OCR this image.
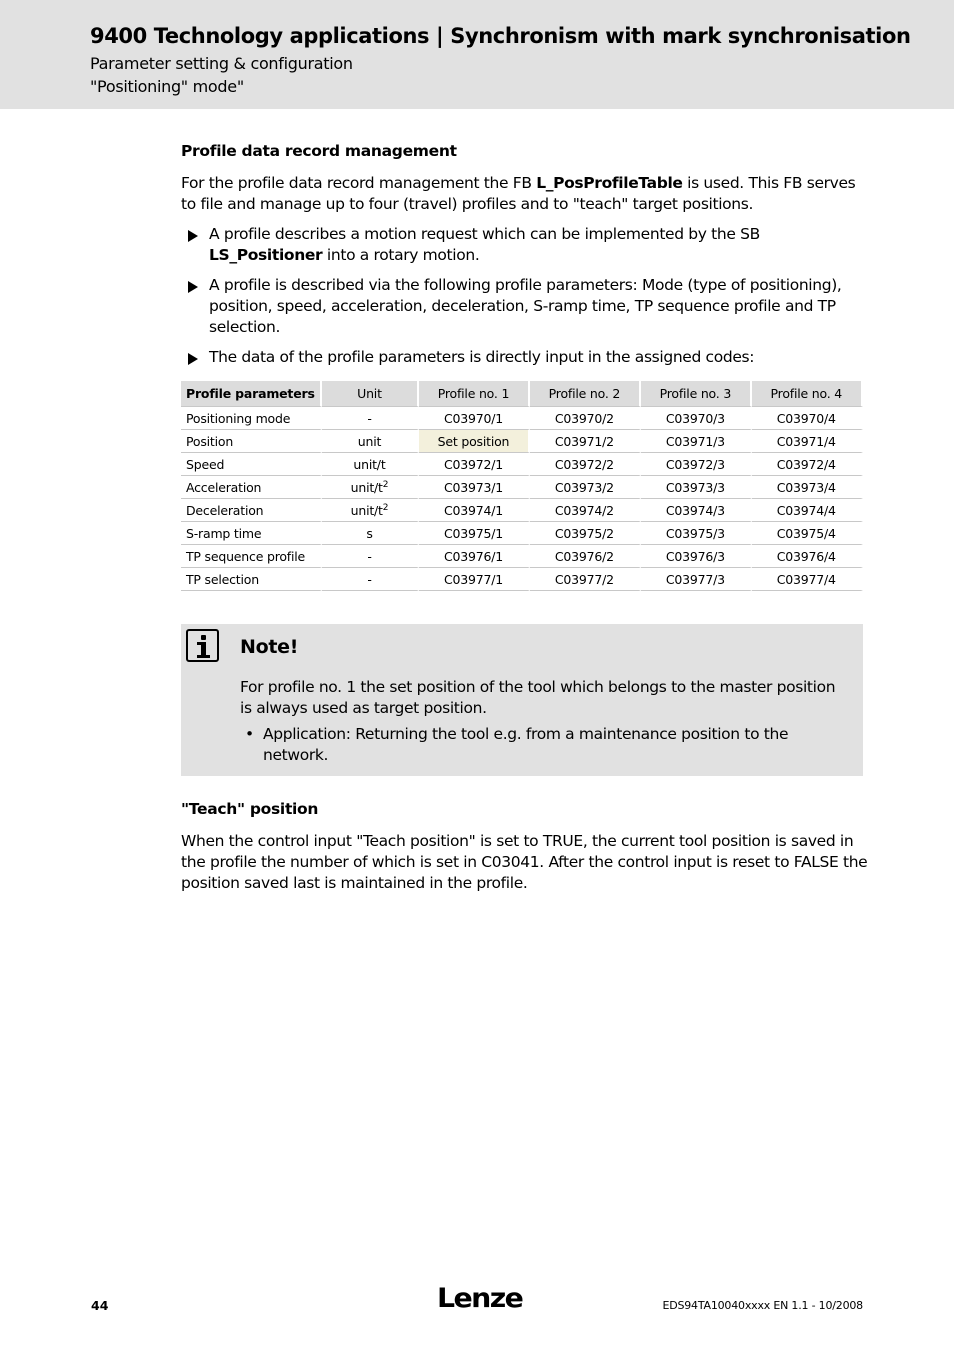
9400 Technology applications | Synchronism with mark synchronisation
Parameter setting & configuration
"Positioning" mode"
Profile data record management
For the profile data record management the FB L_PosProfileTable is used. This FB serves to file and manage up to four (travel) profiles and to "teach" target positions.
A profile describes a motion request which can be implemented by the SB LS_Positioner into a rotary motion.
A profile is described via the following profile parameters: Mode (type of positioning), position, speed, acceleration, deceleration, S-ramp time, TP sequence profile and TP selection.
The data of the profile parameters is directly input in the assigned codes:
Profile parameters	Unit	Profile no. 1	Profile no. 2	Profile no. 3	Profile no. 4
Positioning mode	-	C03970/1	C03970/2	C03970/3	C03970/4
Position	unit	Set position	C03971/2	C03971/3	C03971/4
Speed	unit/t	C03972/1	C03972/2	C03972/3	C03972/4
Acceleration	unit/$t^2$	C03973/1	C03973/2	C03973/3	C03973/4
Deceleration	unit/$t^2$	C03974/1	C03974/2	C03974/3	C03974/4
S-ramp time	s	C03975/1	C03975/2	C03975/3	C03975/4
TP sequence profile	-	C03976/1	C03976/2	C03976/3	C03976/4
TP selection	-	C03977/1	C03977/2	C03977/3	C03977/4
Note!
For profile no. 1 the set position of the tool which belongs to the master position is always used as target position.
• Application: Returning the tool e.g. from a maintenance position to the network.
"Teach" position
When the control input "Teach position" is set to TRUE, the current tool position is saved in the profile the number of which is set in C03041. After the control input is reset to FALSE the position saved last is maintained in the profile.
44	Lenze	EDS94TA10040xxxx EN 1.1 - 10/2008
